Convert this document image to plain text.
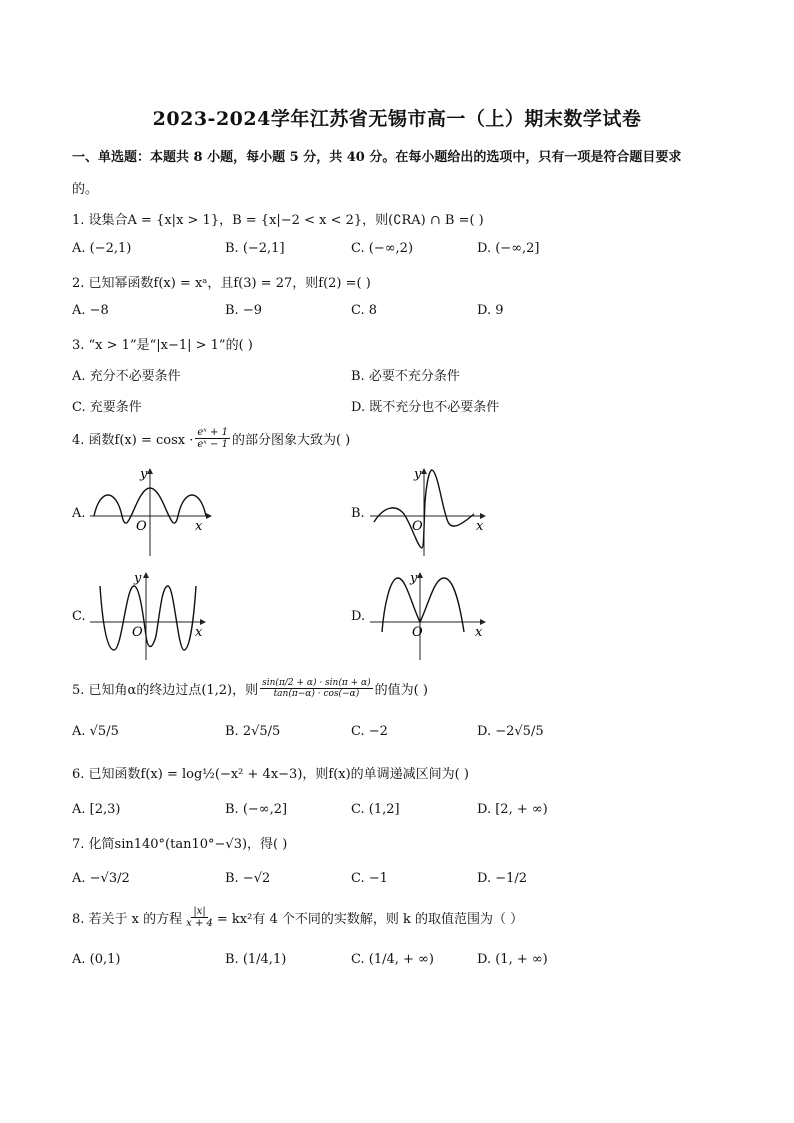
2023-2024学年江苏省无锡市高一（上）期末数学试卷
一、单选题：本题共 8 小题，每小题 5 分，共 40 分。在每小题给出的选项中，只有一项是符合题目要求
的。
1. 设集合A = {x|x > 1}，B = {x|−2 < x < 2}，则(∁RA) ∩ B =( )
A. (−2,1)	B. (−2,1]	C. (−∞,2)	D. (−∞,2]
2. 已知幂函数f(x) = xᵃ，且f(3) = 27，则f(2) =( )
A. −8	B. −9	C. 8	D. 9
3. “x > 1”是“|x−1| > 1”的( )
A. 充分不必要条件	B. 必要不充分条件
C. 充要条件	D. 既不充分也不必要条件
4. 函数$f(x) = \cos x \cdot \frac{\text{eˣ + 1}}{\text{eˣ − 1}}$ 的部分图象大致为( )
A.
x
y
O
B.
x
y
O
C.
x
y
O
D.
x
y
O
5. 已知角α的终边过点(1,2)，则 $\frac{\sin(\pi/2 + \alpha) \cdot \sin(\pi + \alpha)}{\tan(\pi-\alpha) \cdot \cos(-\alpha)}$ 的值为( )
A. √5/5	B. 2√5/5	C. −2	D. −2√5/5
6. 已知函数f(x) = log½(−x² + 4x−3)，则f(x)的单调递减区间为( )
A. [2,3)	B. (−∞,2]	C. (1,2]	D. [2, + ∞)
7. 化简sin140°(tan10°−√3)，得( )
A. −√3/2	B. −√2	C. −1	D. −1/2
8. 若关于 x 的方程 $\frac{|x|}{x + 4} = kx^2$有 4 个不同的实数解，则 k 的取值范围为（ ）
A. (0,1)	B. (1/4,1)	C. (1/4, + ∞)	D. (1, + ∞)
